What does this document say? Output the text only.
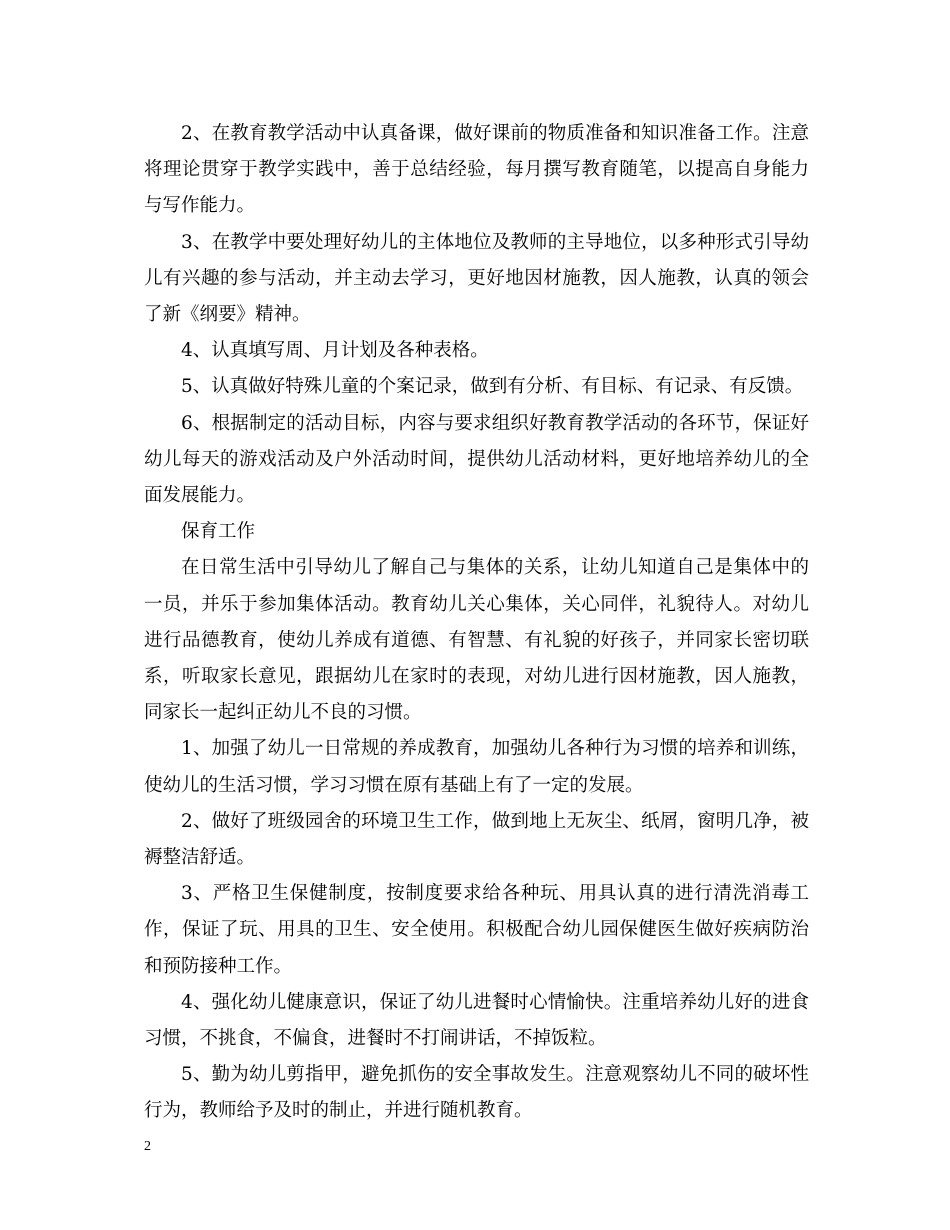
2、在教育教学活动中认真备课，做好课前的物质准备和知识准备工作。注意将理论贯穿于教学实践中，善于总结经验，每月撰写教育随笔，以提高自身能力与写作能力。

3、在教学中要处理好幼儿的主体地位及教师的主导地位，以多种形式引导幼儿有兴趣的参与活动，并主动去学习，更好地因材施教，因人施教，认真的领会了新《纲要》精神。

4、认真填写周、月计划及各种表格。

5、认真做好特殊儿童的个案记录，做到有分析、有目标、有记录、有反馈。

6、根据制定的活动目标，内容与要求组织好教育教学活动的各环节，保证好幼儿每天的游戏活动及户外活动时间，提供幼儿活动材料，更好地培养幼儿的全面发展能力。

保育工作

在日常生活中引导幼儿了解自己与集体的关系，让幼儿知道自己是集体中的一员，并乐于参加集体活动。教育幼儿关心集体，关心同伴，礼貌待人。对幼儿进行品德教育，使幼儿养成有道德、有智慧、有礼貌的好孩子，并同家长密切联系，听取家长意见，跟据幼儿在家时的表现，对幼儿进行因材施教，因人施教，同家长一起纠正幼儿不良的习惯。

1、加强了幼儿一日常规的养成教育，加强幼儿各种行为习惯的培养和训练，使幼儿的生活习惯，学习习惯在原有基础上有了一定的发展。

2、做好了班级园舍的环境卫生工作，做到地上无灰尘、纸屑，窗明几净，被褥整洁舒适。

3、严格卫生保健制度，按制度要求给各种玩、用具认真的进行清洗消毒工作，保证了玩、用具的卫生、安全使用。积极配合幼儿园保健医生做好疾病防治和预防接种工作。

4、强化幼儿健康意识，保证了幼儿进餐时心情愉快。注重培养幼儿好的进食习惯，不挑食，不偏食，进餐时不打闹讲话，不掉饭粒。

5、勤为幼儿剪指甲，避免抓伤的安全事故发生。注意观察幼儿不同的破坏性行为，教师给予及时的制止，并进行随机教育。

2
